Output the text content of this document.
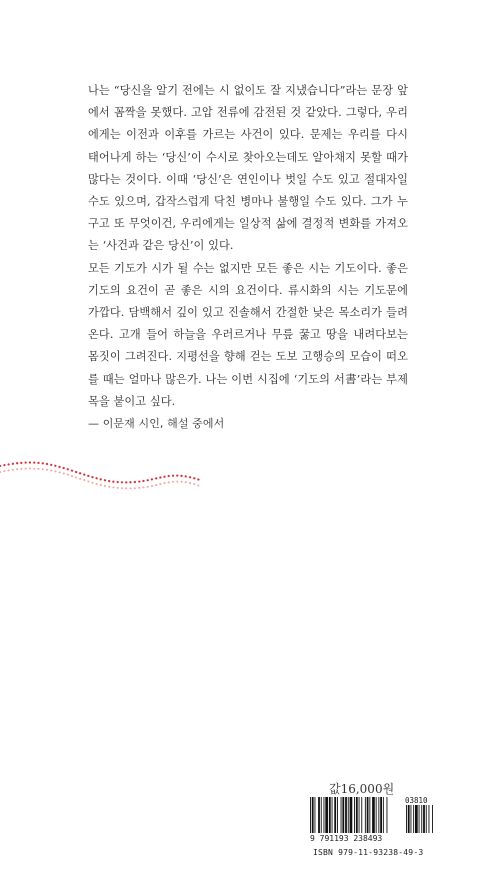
나는 “당신을 알기 전에는 시 없이도 잘 지냈습니다”라는 문장 앞에서 꼼짝을 못했다. 고압 전류에 감전된 것 같았다. 그렇다, 우리에게는 이전과 이후를 가르는 사건이 있다. 문제는 우리를 다시 태어나게 하는 ‘당신’이 수시로 찾아오는데도 알아채지 못할 때가 많다는 것이다. 이때 ‘당신’은 연인이나 벗일 수도 있고 절대자일 수도 있으며, 갑작스럽게 닥친 병마나 불행일 수도 있다. 그가 누구고 또 무엇이건, 우리에게는 일상적 삶에 결정적 변화를 가져오는 ‘사건과 같은 당신’이 있다.

모든 기도가 시가 될 수는 없지만 모든 좋은 시는 기도이다. 좋은 기도의 요건이 곧 좋은 시의 요건이다. 류시화의 시는 기도문에 가깝다. 담백해서 깊이 있고 진솔해서 간절한 낮은 목소리가 들려온다. 고개 들어 하늘을 우러르거나 무릎 꿇고 땅을 내려다보는 몸짓이 그려진다. 지평선을 향해 걷는 도보 고행승의 모습이 떠오를 때는 얼마나 많은가. 나는 이번 시집에 ‘기도의 서書’라는 부제목을 붙이고 싶다.

— 이문재 시인, 해설 중에서

값16,000원
03810
9 791193 238493
ISBN 979-11-93238-49-3
